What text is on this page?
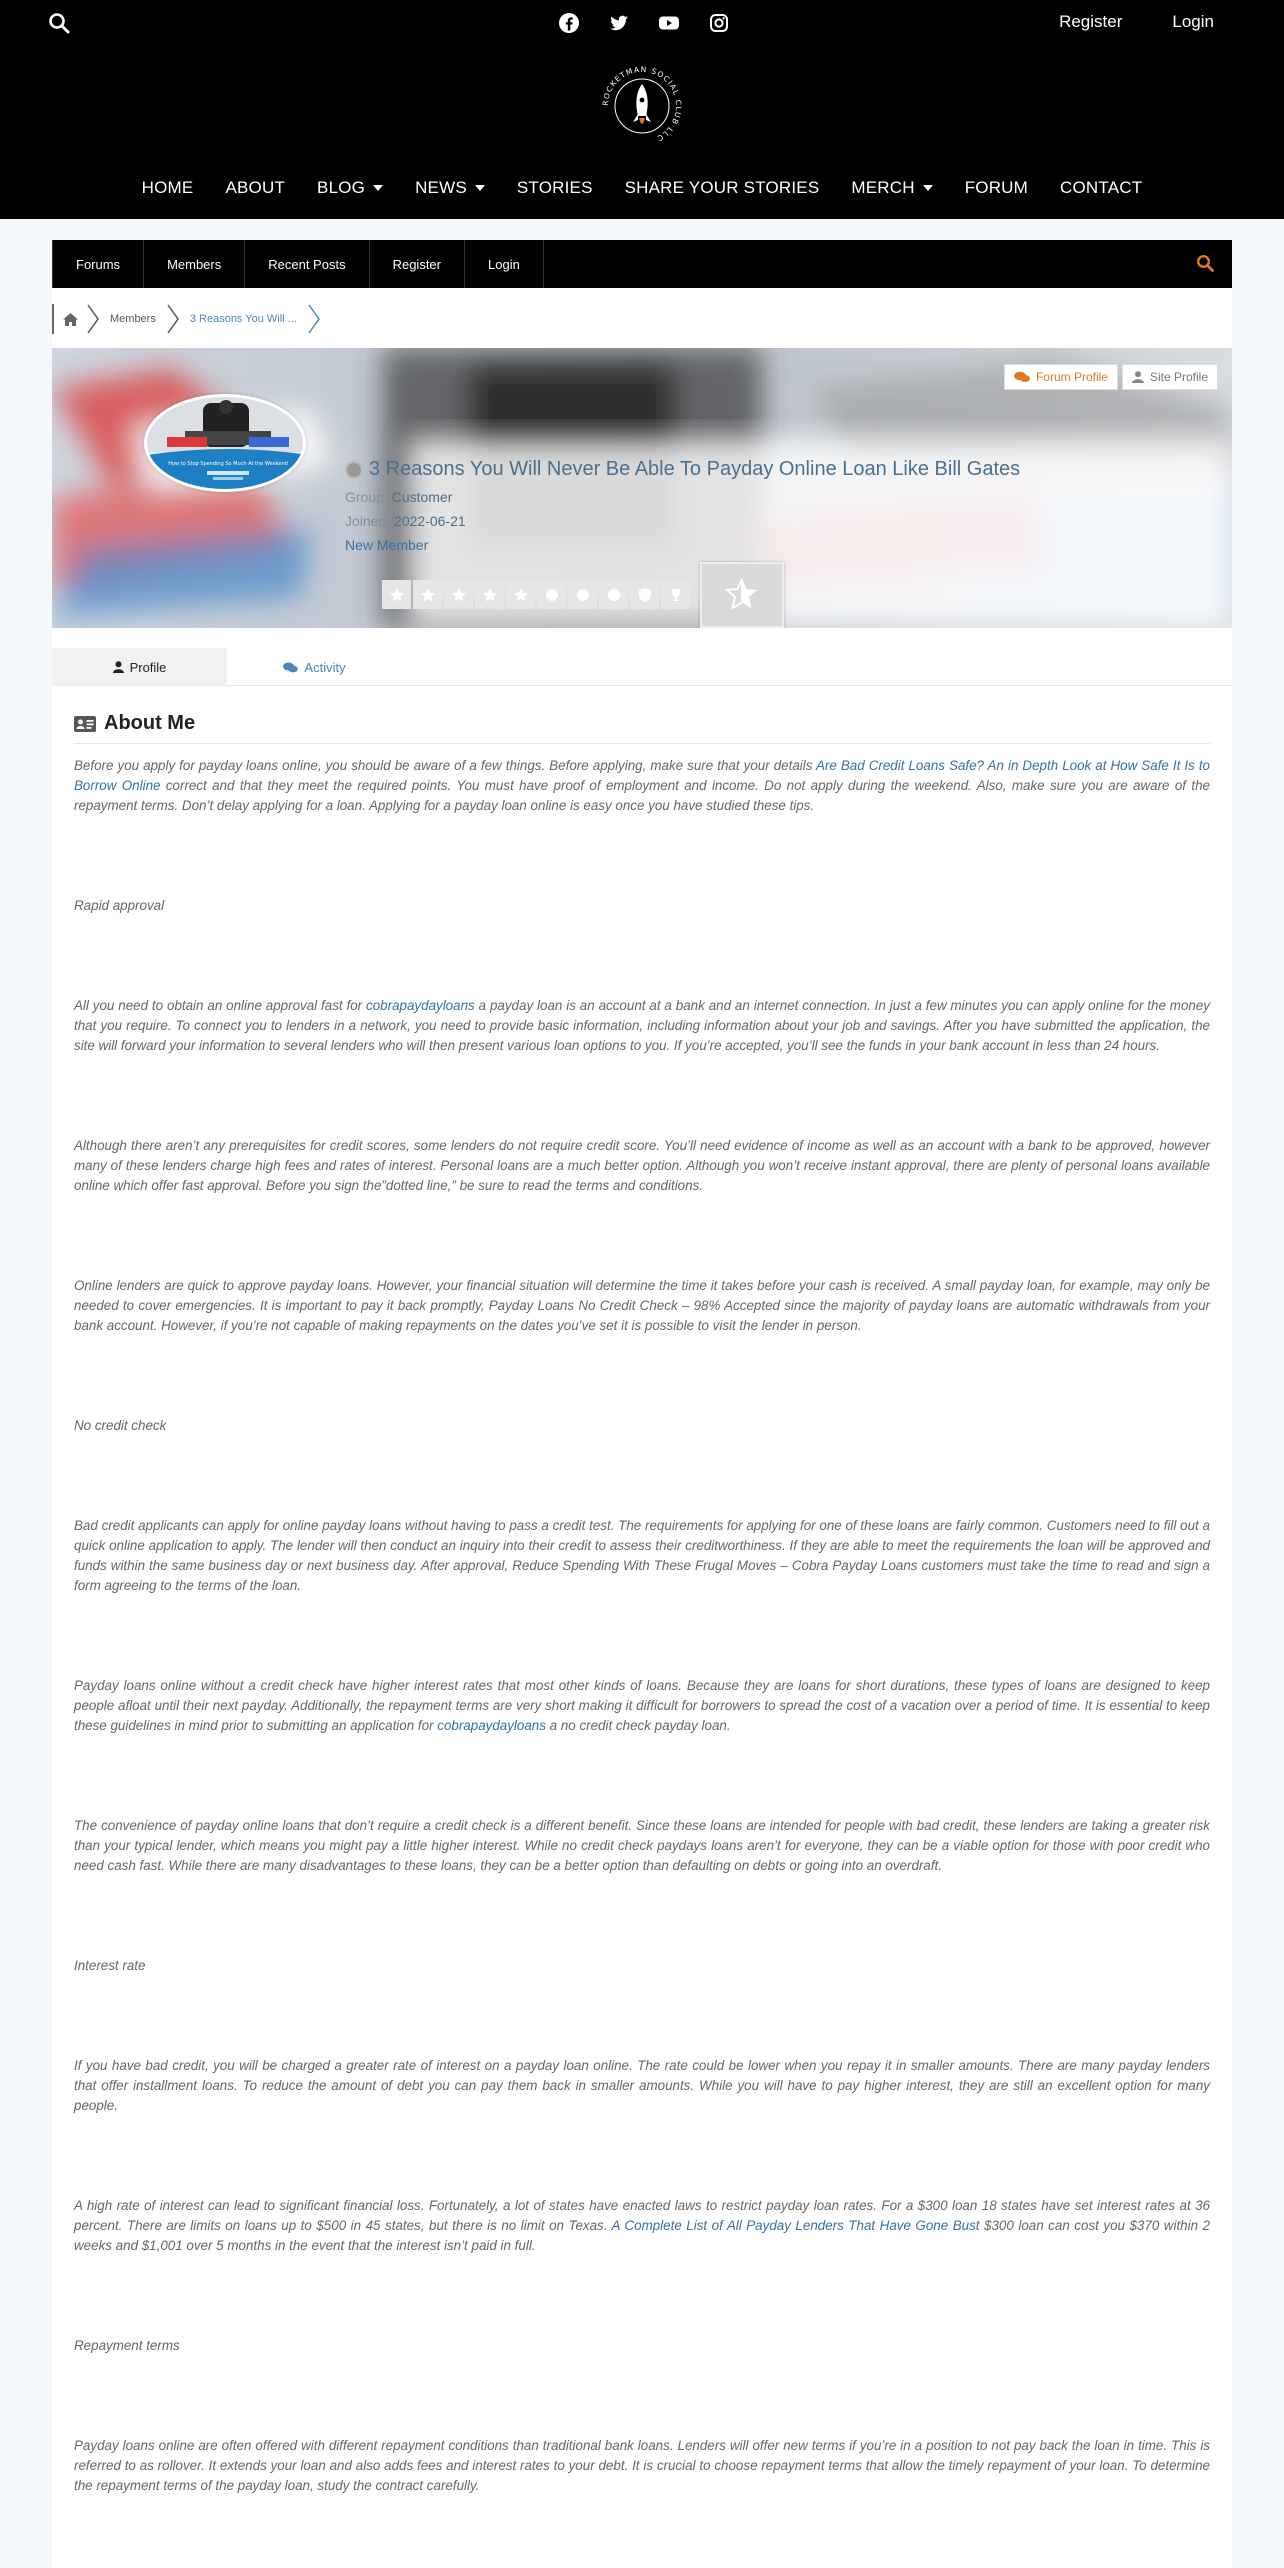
Register	Login
ROCKETMAN SOCIAL CLUB LLC
HOME ABOUT BLOG	NEWS	STORIES SHARE YOUR STORIES MERCH	FORUM CONTACT
Forums	Members	Recent Posts	Register	Login
Members	3 Reasons You Will ...
Forum Profile	Site Profile
How to Stop Spending So Much At the Weekend	3 Reasons You Will Never Be Able To Payday Online Loan Like Bill Gates
Group: Customer
Joined: 2022-06-21
New Member
Profile	Activity
About Me

Before you apply for payday loans online, you should be aware of a few things. Before applying, make sure that your details Are Bad Credit Loans Safe? An in Depth Look at How Safe It Is to Borrow Online correct and that they meet the required points. You must have proof of employment and income. Do not apply during the weekend. Also, make sure you are aware of the repayment terms. Don’t delay applying for a loan. Applying for a payday loan online is easy once you have studied these tips.

Rapid approval

All you need to obtain an online approval fast for cobrapaydayloans a payday loan is an account at a bank and an internet connection. In just a few minutes you can apply online for the money that you require. To connect you to lenders in a network, you need to provide basic information, including information about your job and savings. After you have submitted the application, the site will forward your information to several lenders who will then present various loan options to you. If you’re accepted, you’ll see the funds in your bank account in less than 24 hours.

Although there aren’t any prerequisites for credit scores, some lenders do not require credit score. You’ll need evidence of income as well as an account with a bank to be approved, however many of these lenders charge high fees and rates of interest. Personal loans are a much better option. Although you won’t receive instant approval, there are plenty of personal loans available online which offer fast approval. Before you sign the”dotted line,” be sure to read the terms and conditions.

Online lenders are quick to approve payday loans. However, your financial situation will determine the time it takes before your cash is received. A small payday loan, for example, may only be needed to cover emergencies. It is important to pay it back promptly, Payday Loans No Credit Check – 98% Accepted since the majority of payday loans are automatic withdrawals from your bank account. However, if you’re not capable of making repayments on the dates you’ve set it is possible to visit the lender in person.

No credit check

Bad credit applicants can apply for online payday loans without having to pass a credit test. The requirements for applying for one of these loans are fairly common. Customers need to fill out a quick online application to apply. The lender will then conduct an inquiry into their credit to assess their creditworthiness. If they are able to meet the requirements the loan will be approved and funds within the same business day or next business day. After approval, Reduce Spending With These Frugal Moves – Cobra Payday Loans customers must take the time to read and sign a form agreeing to the terms of the loan.

Payday loans online without a credit check have higher interest rates that most other kinds of loans. Because they are loans for short durations, these types of loans are designed to keep people afloat until their next payday. Additionally, the repayment terms are very short making it difficult for borrowers to spread the cost of a vacation over a period of time. It is essential to keep these guidelines in mind prior to submitting an application for cobrapaydayloans a no credit check payday loan.

The convenience of payday online loans that don’t require a credit check is a different benefit. Since these loans are intended for people with bad credit, these lenders are taking a greater risk than your typical lender, which means you might pay a little higher interest. While no credit check paydays loans aren’t for everyone, they can be a viable option for those with poor credit who need cash fast. While there are many disadvantages to these loans, they can be a better option than defaulting on debts or going into an overdraft.

Interest rate

If you have bad credit, you will be charged a greater rate of interest on a payday loan online. The rate could be lower when you repay it in smaller amounts. There are many payday lenders that offer installment loans. To reduce the amount of debt you can pay them back in smaller amounts. While you will have to pay higher interest, they are still an excellent option for many people.

A high rate of interest can lead to significant financial loss. Fortunately, a lot of states have enacted laws to restrict payday loan rates. For a $300 loan 18 states have set interest rates at 36 percent. There are limits on loans up to $500 in 45 states, but there is no limit on Texas. A Complete List of All Payday Lenders That Have Gone Bust $300 loan can cost you $370 within 2 weeks and $1,001 over 5 months in the event that the interest isn’t paid in full.

Repayment terms

Payday loans online are often offered with different repayment conditions than traditional bank loans. Lenders will offer new terms if you’re in a position to not pay back the loan in time. This is referred to as rollover. It extends your loan and also adds fees and interest rates to your debt. It is crucial to choose repayment terms that allow the timely repayment of your loan. To determine the repayment terms of the payday loan, study the contract carefully.
